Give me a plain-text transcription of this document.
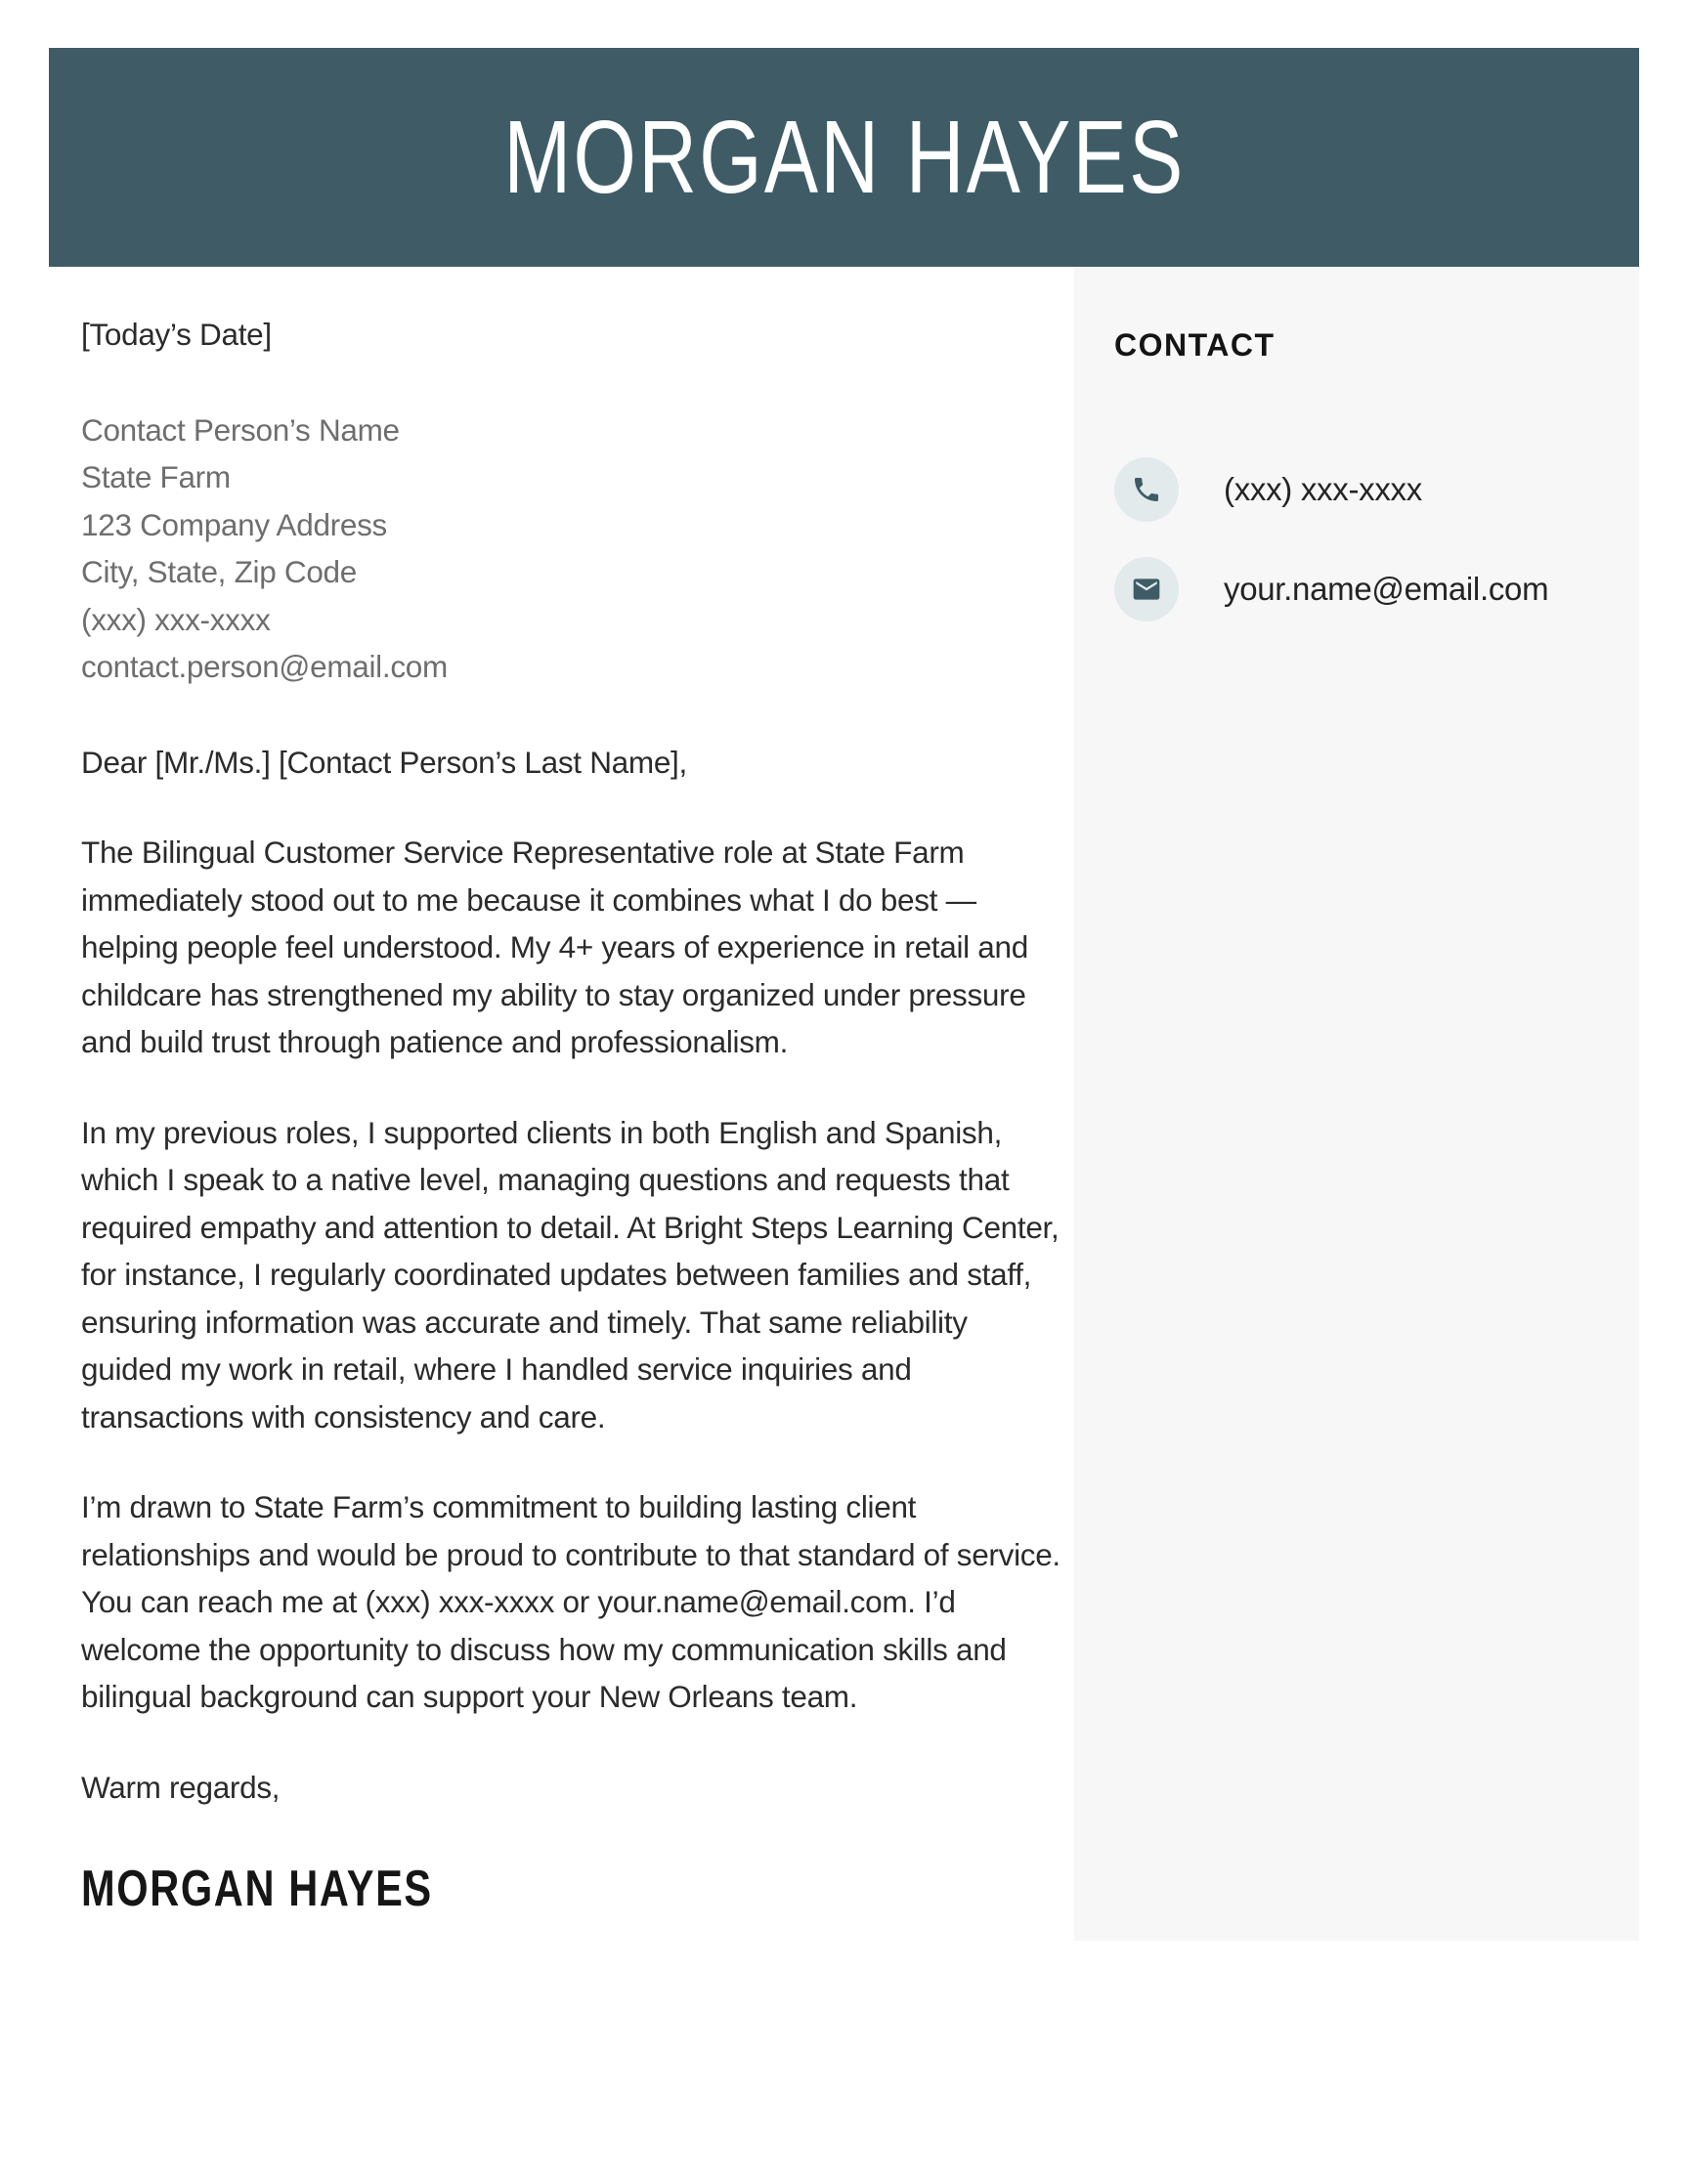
MORGAN HAYES
[Today’s Date]
Contact Person’s Name
State Farm
123 Company Address
City, State, Zip Code
(xxx) xxx-xxxx
contact.person@email.com
Dear [Mr./Ms.] [Contact Person’s Last Name],
The Bilingual Customer Service Representative role at State Farm immediately stood out to me because it combines what I do best — helping people feel understood. My 4+ years of experience in retail and childcare has strengthened my ability to stay organized under pressure and build trust through patience and professionalism.
In my previous roles, I supported clients in both English and Spanish, which I speak to a native level, managing questions and requests that required empathy and attention to detail. At Bright Steps Learning Center, for instance, I regularly coordinated updates between families and staff, ensuring information was accurate and timely. That same reliability guided my work in retail, where I handled service inquiries and transactions with consistency and care.
I’m drawn to State Farm’s commitment to building lasting client relationships and would be proud to contribute to that standard of service. You can reach me at (xxx) xxx-xxxx or your.name@email.com. I’d welcome the opportunity to discuss how my communication skills and bilingual background can support your New Orleans team.
Warm regards,
MORGAN HAYES
CONTACT
(xxx) xxx-xxxx
your.name@email.com
